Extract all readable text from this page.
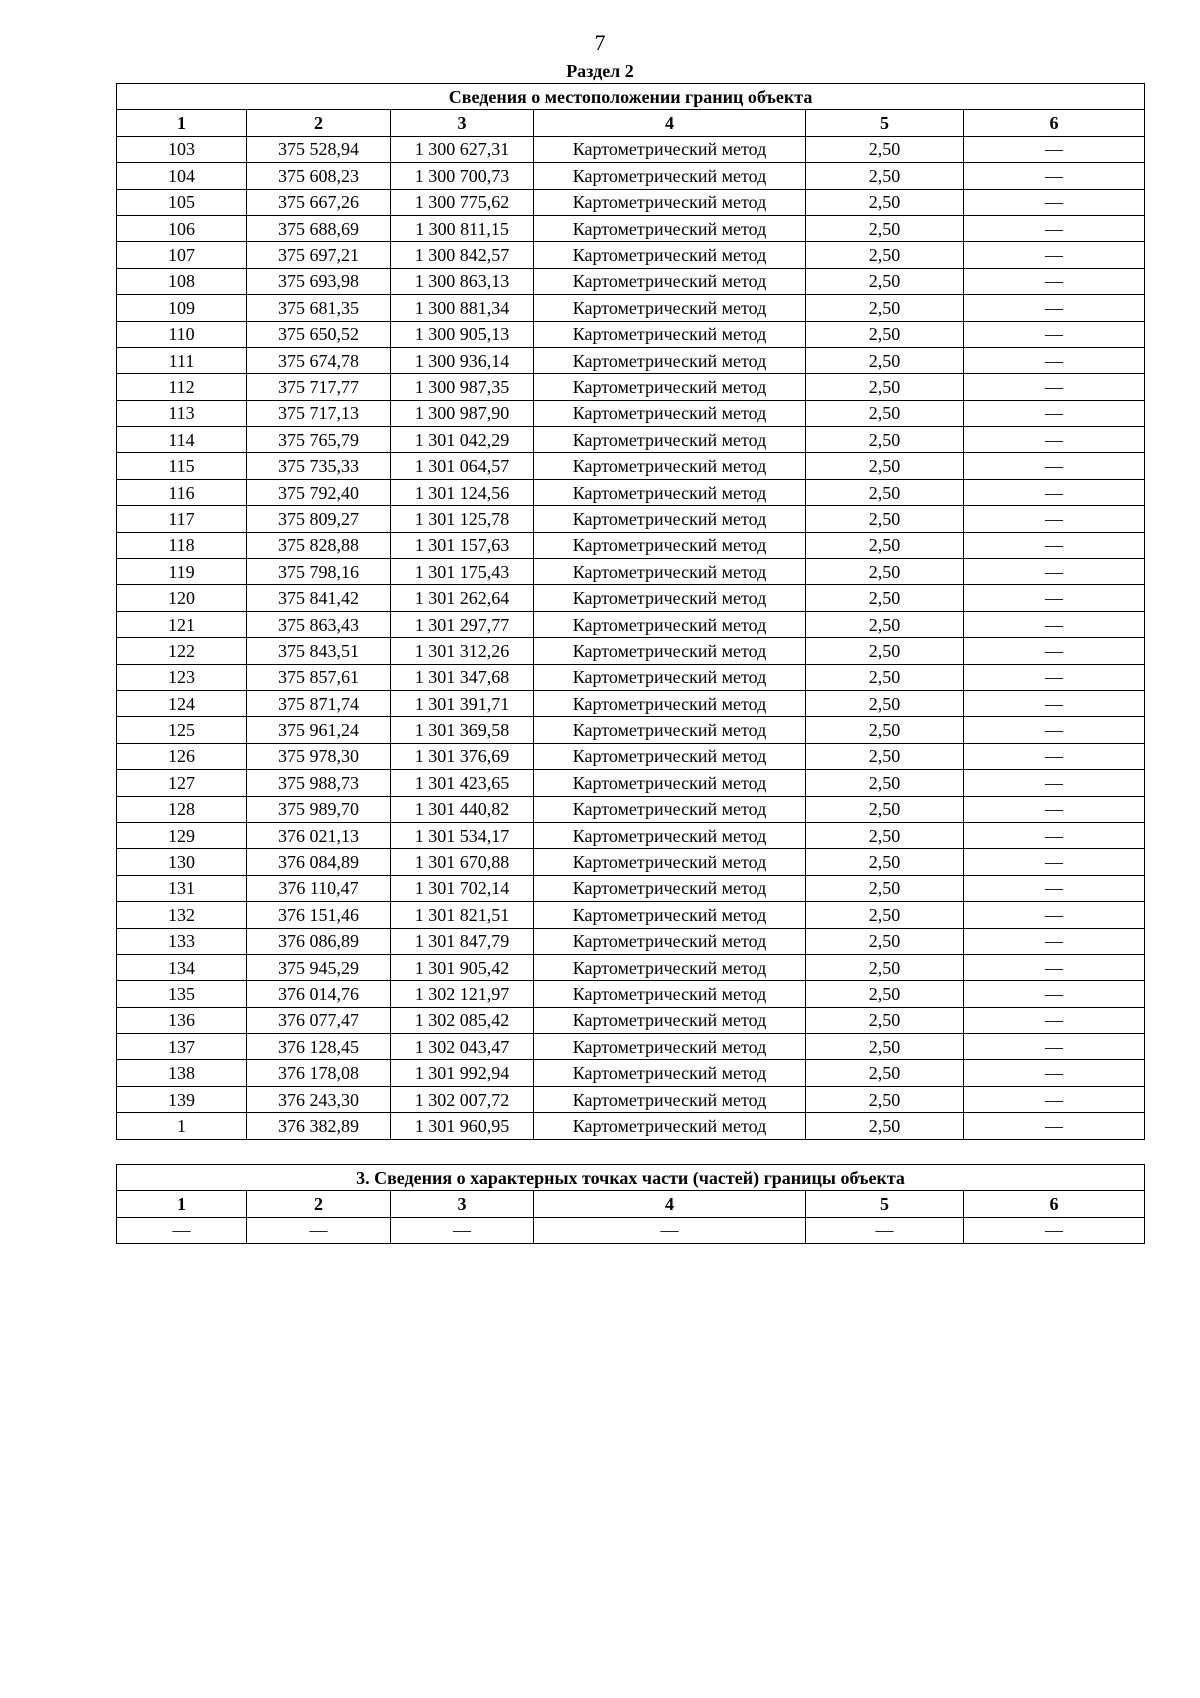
7
Раздел 2
Сведения о местоположении границ объекта					
1	2	3	4	5	6
103	375 528,94	1 300 627,31	Картометрический метод	2,50	—
104	375 608,23	1 300 700,73	Картометрический метод	2,50	—
105	375 667,26	1 300 775,62	Картометрический метод	2,50	—
106	375 688,69	1 300 811,15	Картометрический метод	2,50	—
107	375 697,21	1 300 842,57	Картометрический метод	2,50	—
108	375 693,98	1 300 863,13	Картометрический метод	2,50	—
109	375 681,35	1 300 881,34	Картометрический метод	2,50	—
110	375 650,52	1 300 905,13	Картометрический метод	2,50	—
111	375 674,78	1 300 936,14	Картометрический метод	2,50	—
112	375 717,77	1 300 987,35	Картометрический метод	2,50	—
113	375 717,13	1 300 987,90	Картометрический метод	2,50	—
114	375 765,79	1 301 042,29	Картометрический метод	2,50	—
115	375 735,33	1 301 064,57	Картометрический метод	2,50	—
116	375 792,40	1 301 124,56	Картометрический метод	2,50	—
117	375 809,27	1 301 125,78	Картометрический метод	2,50	—
118	375 828,88	1 301 157,63	Картометрический метод	2,50	—
119	375 798,16	1 301 175,43	Картометрический метод	2,50	—
120	375 841,42	1 301 262,64	Картометрический метод	2,50	—
121	375 863,43	1 301 297,77	Картометрический метод	2,50	—
122	375 843,51	1 301 312,26	Картометрический метод	2,50	—
123	375 857,61	1 301 347,68	Картометрический метод	2,50	—
124	375 871,74	1 301 391,71	Картометрический метод	2,50	—
125	375 961,24	1 301 369,58	Картометрический метод	2,50	—
126	375 978,30	1 301 376,69	Картометрический метод	2,50	—
127	375 988,73	1 301 423,65	Картометрический метод	2,50	—
128	375 989,70	1 301 440,82	Картометрический метод	2,50	—
129	376 021,13	1 301 534,17	Картометрический метод	2,50	—
130	376 084,89	1 301 670,88	Картометрический метод	2,50	—
131	376 110,47	1 301 702,14	Картометрический метод	2,50	—
132	376 151,46	1 301 821,51	Картометрический метод	2,50	—
133	376 086,89	1 301 847,79	Картометрический метод	2,50	—
134	375 945,29	1 301 905,42	Картометрический метод	2,50	—
135	376 014,76	1 302 121,97	Картометрический метод	2,50	—
136	376 077,47	1 302 085,42	Картометрический метод	2,50	—
137	376 128,45	1 302 043,47	Картометрический метод	2,50	—
138	376 178,08	1 301 992,94	Картометрический метод	2,50	—
139	376 243,30	1 302 007,72	Картометрический метод	2,50	—
1	376 382,89	1 301 960,95	Картометрический метод	2,50	—
3. Сведения о характерных точках части (частей) границы объекта					
1	2	3	4	5	6
—	—	—	—	—	—
